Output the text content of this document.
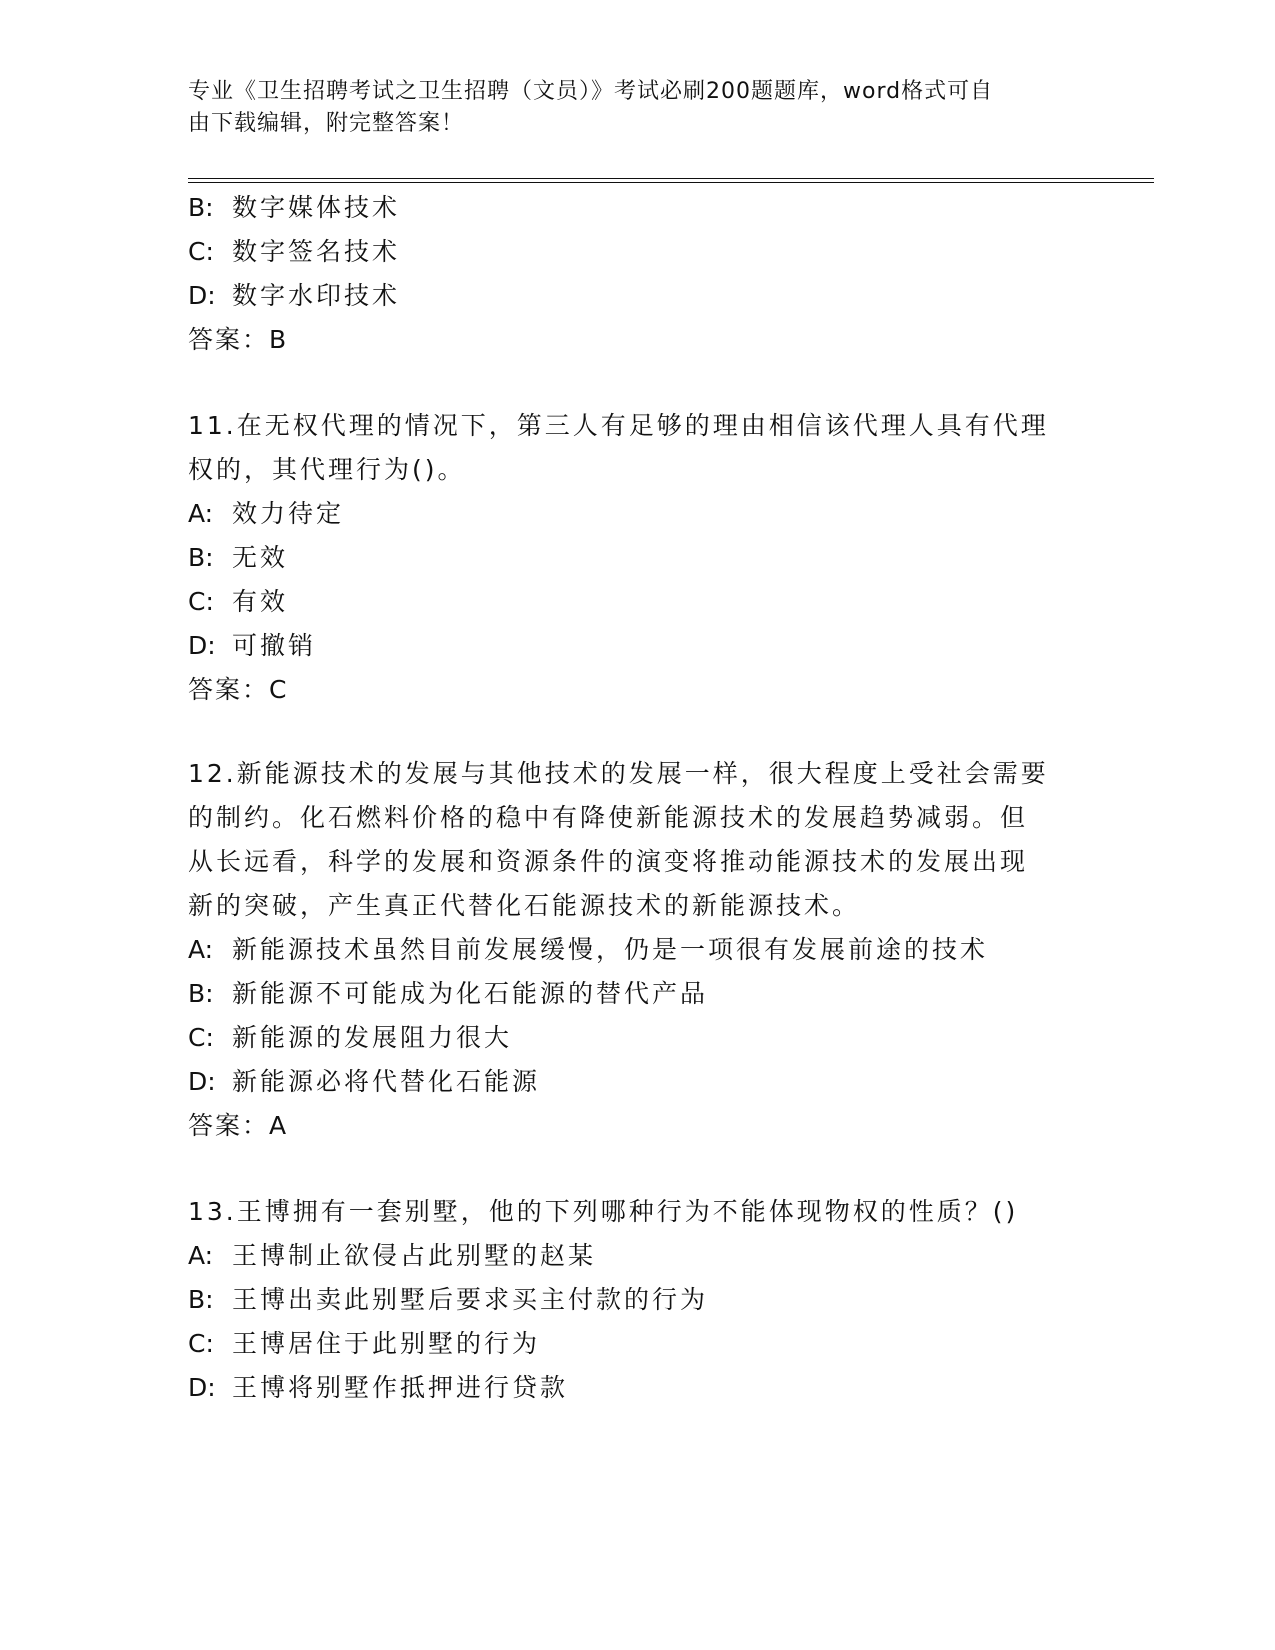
专业《卫生招聘考试之卫生招聘（文员）》考试必刷200题题库，word格式可自
由下载编辑，附完整答案！
B: 数字媒体技术
C: 数字签名技术
D: 数字水印技术
答案：B
11.在无权代理的情况下，第三人有足够的理由相信该代理人具有代理
权的，其代理行为()。
A: 效力待定
B: 无效
C: 有效
D: 可撤销
答案：C
12.新能源技术的发展与其他技术的发展一样，很大程度上受社会需要
的制约。化石燃料价格的稳中有降使新能源技术的发展趋势减弱。但
从长远看，科学的发展和资源条件的演变将推动能源技术的发展出现
新的突破，产生真正代替化石能源技术的新能源技术。
A: 新能源技术虽然目前发展缓慢，仍是一项很有发展前途的技术
B: 新能源不可能成为化石能源的替代产品
C: 新能源的发展阻力很大
D: 新能源必将代替化石能源
答案：A
13.王博拥有一套别墅，他的下列哪种行为不能体现物权的性质？()
A: 王博制止欲侵占此别墅的赵某
B: 王博出卖此别墅后要求买主付款的行为
C: 王博居住于此别墅的行为
D: 王博将别墅作抵押进行贷款
